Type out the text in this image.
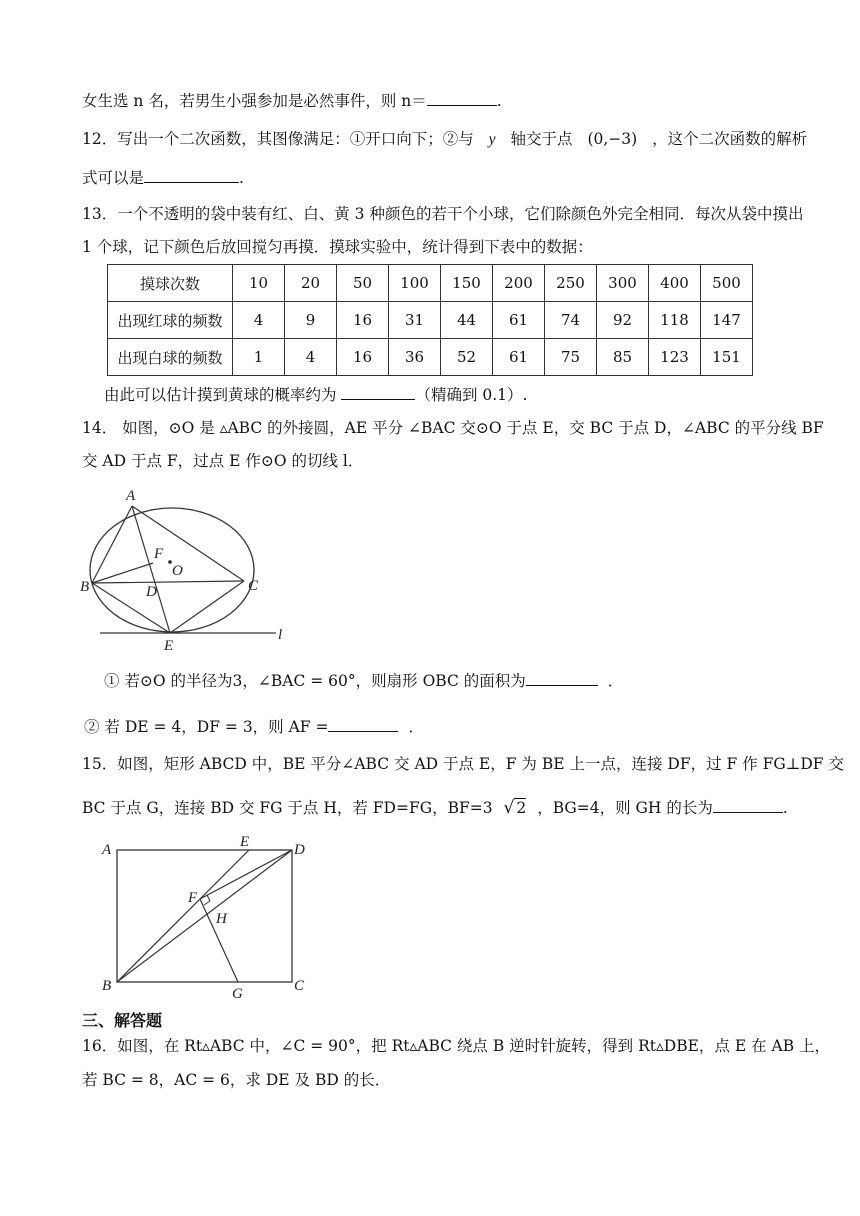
女生选 n 名，若男生小强参加是必然事件，则 n＝	.
12．写出一个二次函数，其图像满足：①开口向下；②与 y 轴交于点 (0,−3) ，这个二次函数的解析
式可以是	.
13．一个不透明的袋中装有红、白、黄 3 种颜色的若干个小球，它们除颜色外完全相同．每次从袋中摸出
1 个球，记下颜色后放回搅匀再摸．摸球实验中，统计得到下表中的数据：
摸球次数	10	20	50	100	150	200	250	300	400	500
出现红球的频数	4	9	16	31	44	61	74	92	118	147
出现白球的频数	1	4	16	36	52	61	75	85	123	151
由此可以估计摸到黄球的概率约为	（精确到 0.1）.
14． 如图，⊙O 是 ▵ABC 的外接圆，AE 平分 ∠BAC 交⊙O 于点 E，交 BC 于点 D，∠ABC 的平分线 BF
交 AD 于点 F，过点 E 作⊙O 的切线 l．
A
B	C
D
E
F
O
l
① 若⊙O 的半径为3，∠BAC = 60°，则扇形 OBC 的面积为	．
② 若 DE = 4，DF = 3，则 AF =	．
15．如图，矩形 ABCD 中，BE 平分∠ABC 交 AD 于点 E，F 为 BE 上一点，连接 DF，过 F 作 FG⊥DF 交
BC 于点 G，连接 BD 交 FG 于点 H，若 FD=FG，BF=3 √ 2 ，BG=4，则 GH 的长为	.
A
B	C
D
E
F
G
H
三、解答题
16．如图，在 Rt▵ABC 中，∠C = 90°，把 Rt▵ABC 绕点 B 逆时针旋转，得到 Rt▵DBE，点 E 在 AB 上，
若 BC = 8，AC = 6，求 DE 及 BD 的长．
